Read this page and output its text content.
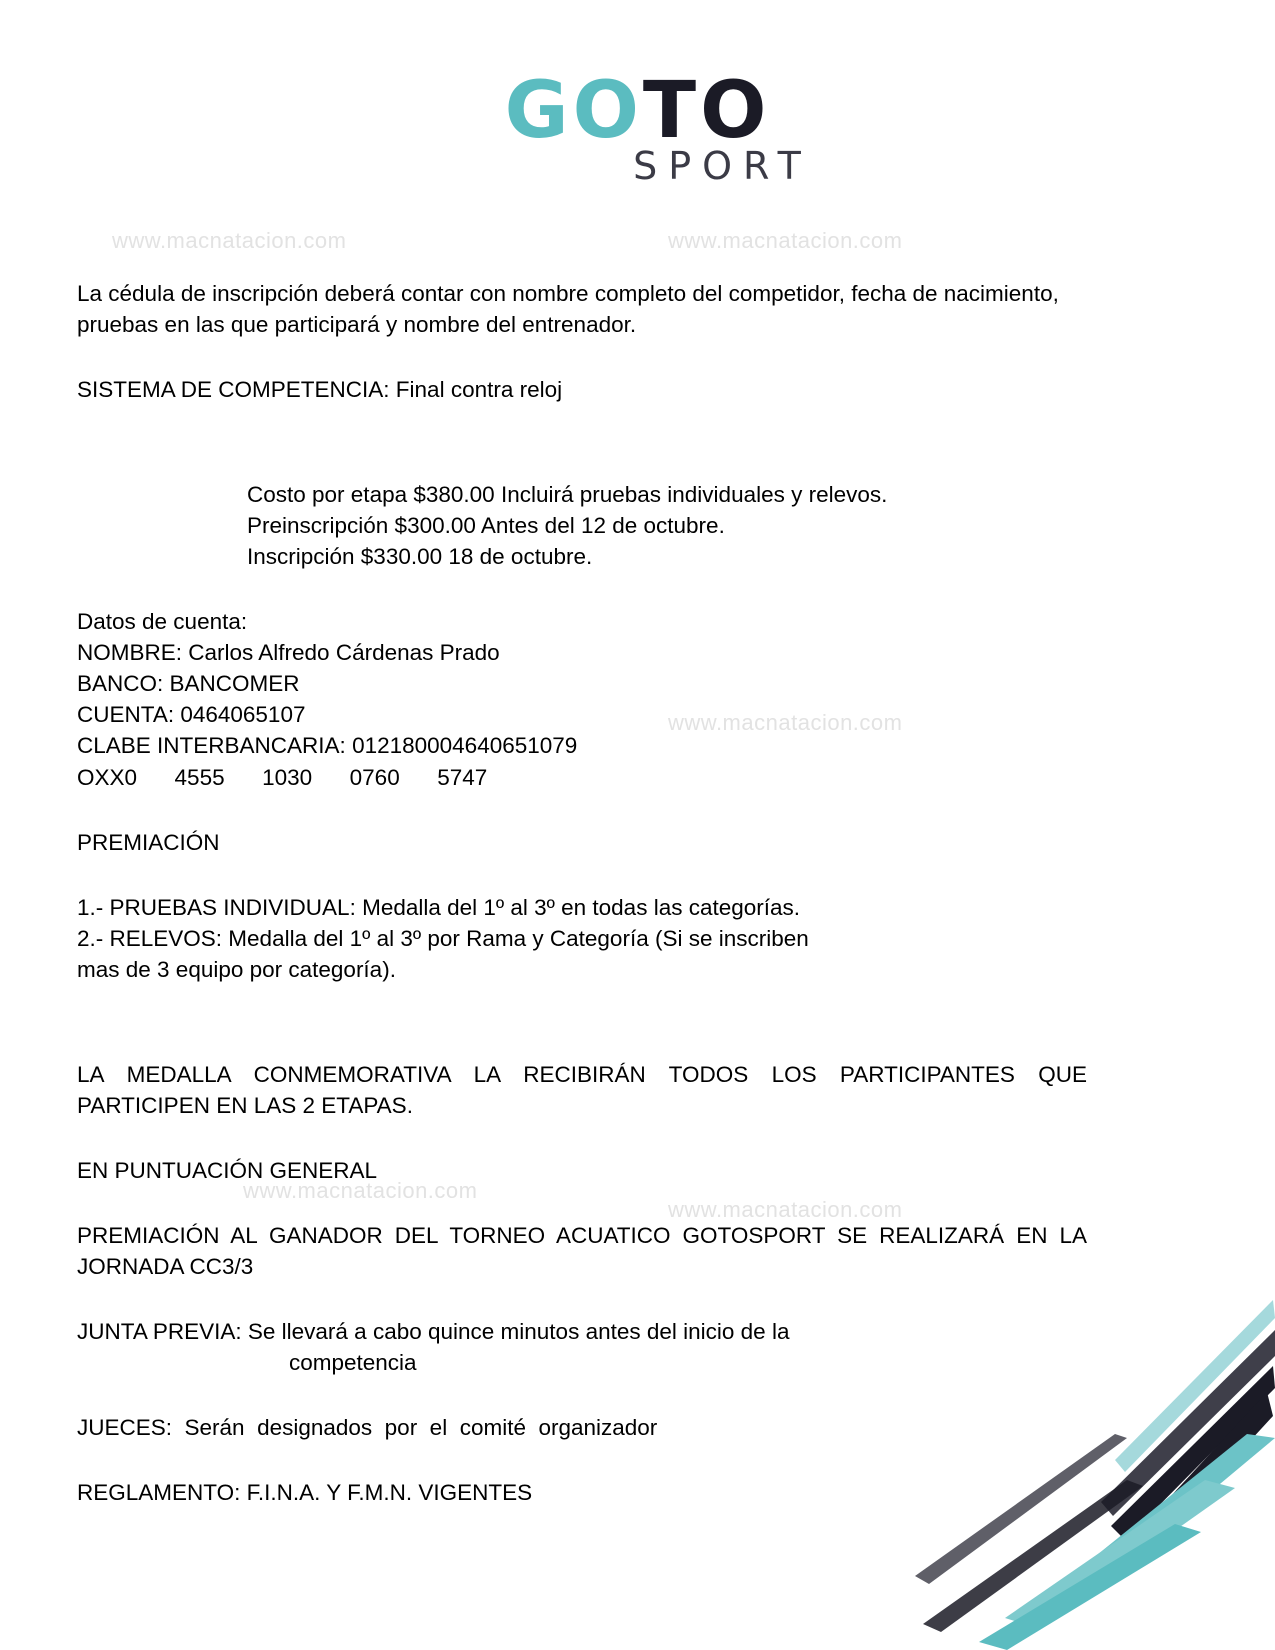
GOTO
SPORT
www.macnatacion.com	www.macnatacion.com
www.macnatacion.com
www.macnatacion.com
www.macnatacion.com

La cédula de inscripción deberá contar con nombre completo del competidor, fecha de nacimiento, pruebas en las que participará y nombre del entrenador.

SISTEMA DE COMPETENCIA: Final contra reloj

Costo por etapa $380.00 Incluirá pruebas individuales y relevos.

Preinscripción $300.00 Antes del 12 de octubre.

Inscripción $330.00 18 de octubre.

Datos de cuenta:

NOMBRE: Carlos Alfredo Cárdenas Prado

BANCO: BANCOMER

CUENTA: 0464065107

CLABE INTERBANCARIA: 012180004640651079

OXX0      4555      1030      0760      5747

PREMIACIÓN

1.- PRUEBAS INDIVIDUAL: Medalla del 1º al 3º en todas las categorías.

2.- RELEVOS: Medalla del 1º al 3º por Rama y Categoría (Si se inscriben

mas de 3 equipo por categoría).

LA MEDALLA CONMEMORATIVA LA RECIBIRÁN TODOS LOS PARTICIPANTES QUE PARTICIPEN EN LAS 2 ETAPAS.

EN PUNTUACIÓN GENERAL

PREMIACIÓN AL GANADOR DEL TORNEO ACUATICO GOTOSPORT SE REALIZARÁ EN LA JORNADA CC3/3

JUNTA PREVIA: Se llevará a cabo quince minutos antes del inicio de la

competencia

JUECES:  Serán  designados  por  el  comité  organizador

REGLAMENTO: F.I.N.A. Y F.M.N. VIGENTES
